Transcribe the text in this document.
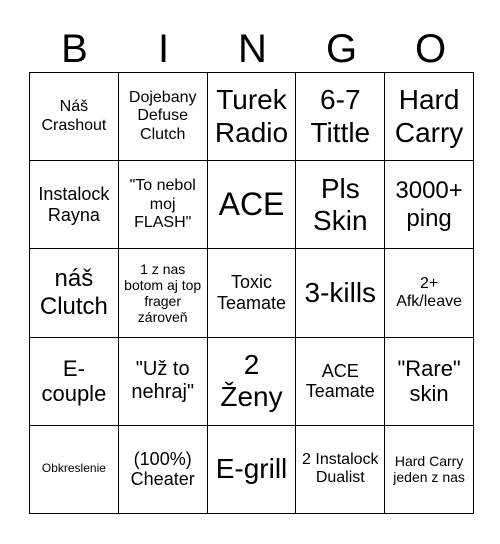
B	I	N	G	O
Náš Crashout
Dojebany Defuse Clutch
Turek Radio
6-7 Tittle
Hard Carry
Instalock Rayna
"To nebol moj FLASH"
ACE	Pls Skin
3000+ ping
náš Clutch
1 z nas botom aj top frager zároveň
Toxic Teamate 3-kills	2+ Afk/leave
E-couple
"Už to nehraj"
2 Ženy
ACE Teamate
"Rare" skin
Obkreslenie	(100%) Cheater E-grill 2 Instalock Dualist
Hard Carry jeden z nas
